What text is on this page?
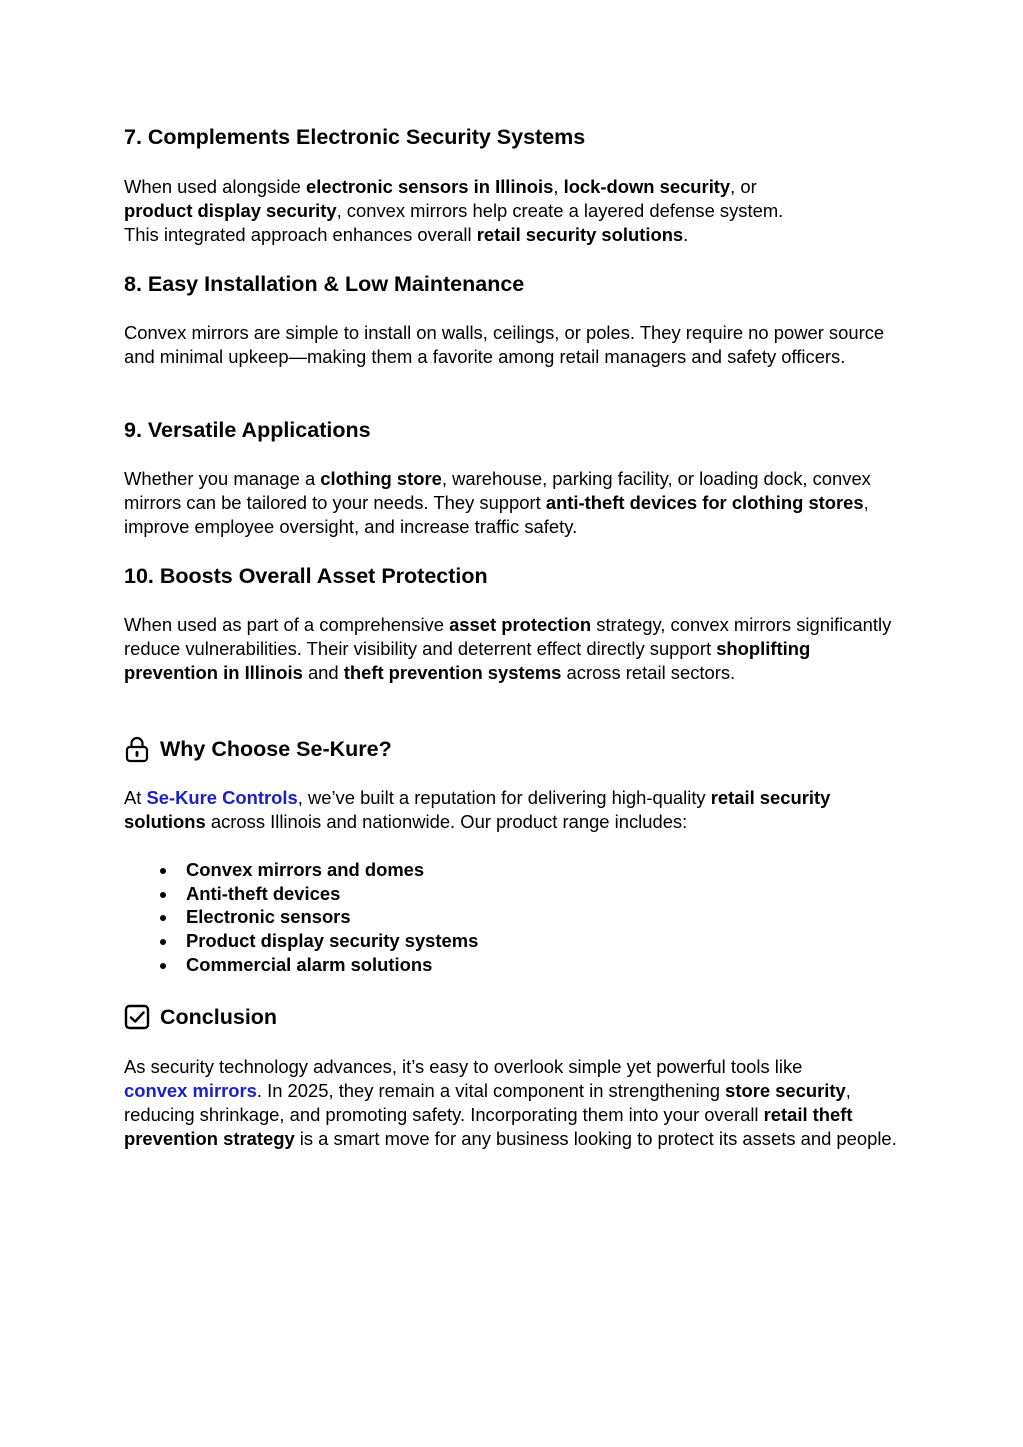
7. Complements Electronic Security Systems

When used alongside electronic sensors in Illinois, lock-down security, or
product display security, convex mirrors help create a layered defense system.
This integrated approach enhances overall retail security solutions.

8. Easy Installation & Low Maintenance

Convex mirrors are simple to install on walls, ceilings, or poles. They require no power source and minimal upkeep—making them a favorite among retail managers and safety officers.

9. Versatile Applications

Whether you manage a clothing store, warehouse, parking facility, or loading dock, convex mirrors can be tailored to your needs. They support anti-theft devices for clothing stores, improve employee oversight, and increase traffic safety.

10. Boosts Overall Asset Protection

When used as part of a comprehensive asset protection strategy, convex mirrors significantly reduce vulnerabilities. Their visibility and deterrent effect directly support shoplifting prevention in Illinois and theft prevention systems across retail sectors.

Why Choose Se-Kure?

At Se-Kure Controls, we’ve built a reputation for delivering high-quality retail security solutions across Illinois and nationwide. Our product range includes:

Convex mirrors and domes
Anti-theft devices
Electronic sensors
Product display security systems
Commercial alarm solutions
Conclusion

As security technology advances, it’s easy to overlook simple yet powerful tools like
convex mirrors. In 2025, they remain a vital component in strengthening store security, reducing shrinkage, and promoting safety. Incorporating them into your overall retail theft prevention strategy is a smart move for any business looking to protect its assets and people.
